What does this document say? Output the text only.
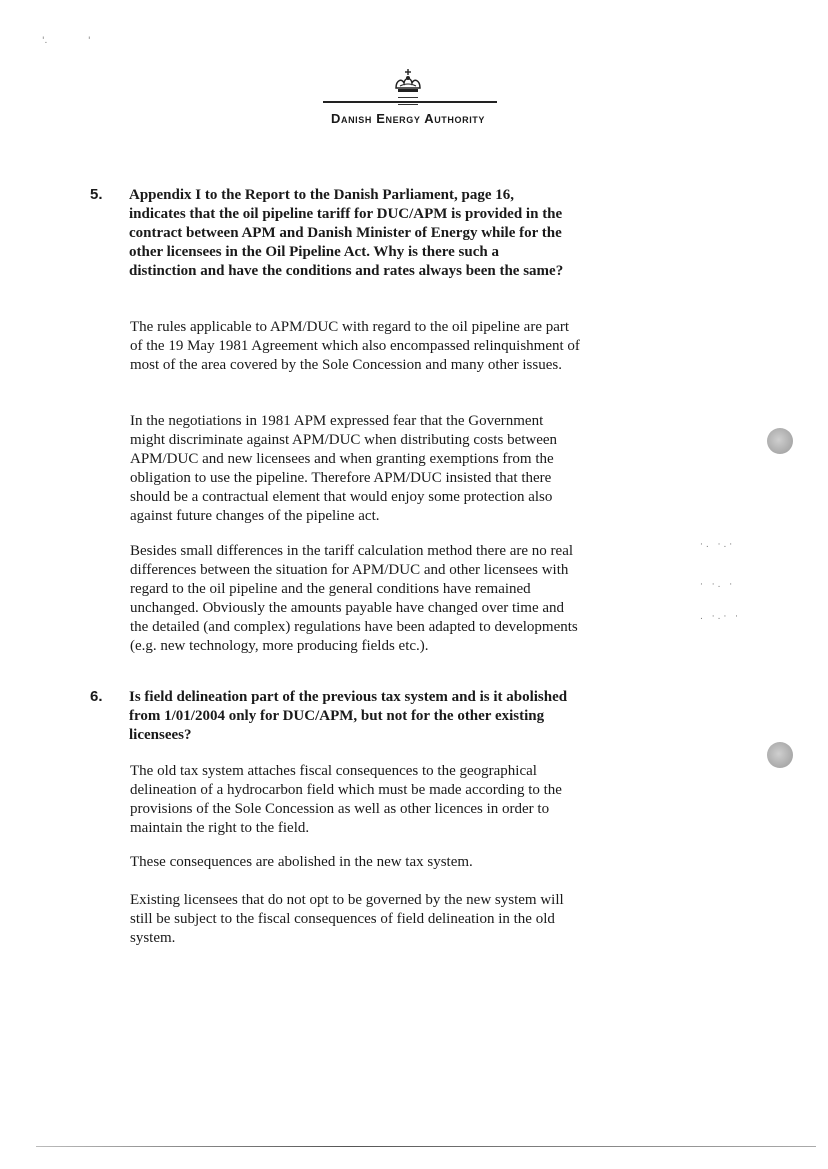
Danish Energy Authority
5. Appendix I to the Report to the Danish Parliament, page 16, indicates that the oil pipeline tariff for DUC/APM is provided in the contract between APM and Danish Minister of Energy while for the other licensees in the Oil Pipeline Act. Why is there such a distinction and have the conditions and rates always been the same?
The rules applicable to APM/DUC with regard to the oil pipeline are part of the 19 May 1981 Agreement which also encompassed relinquishment of most of the area covered by the Sole Concession and many other issues.
In the negotiations in 1981 APM expressed fear that the Government might discriminate against APM/DUC when distributing costs between APM/DUC and new licensees and when granting exemptions from the obligation to use the pipeline. Therefore APM/DUC insisted that there should be a contractual element that would enjoy some protection also against future changes of the pipeline act.
Besides small differences in the tariff calculation method there are no real differences between the situation for APM/DUC and other licensees with regard to the oil pipeline and the general conditions have remained unchanged. Obviously the amounts payable have changed over time and the detailed (and complex) regulations have been adapted to developments (e.g. new technology, more producing fields etc.).
6. Is field delineation part of the previous tax system and is it abolished from 1/01/2004 only for DUC/APM, but not for the other existing licensees?
The old tax system attaches fiscal consequences to the geographical delineation of a hydrocarbon field which must be made according to the provisions of the Sole Concession as well as other licences in order to maintain the right to the field.
These consequences are abolished in the new tax system.
Existing licensees that do not opt to be governed by the new system will still be subject to the fiscal consequences of field delineation in the old system.
'.	'
·. ·.·
· ·. ·
. ·.· ·
